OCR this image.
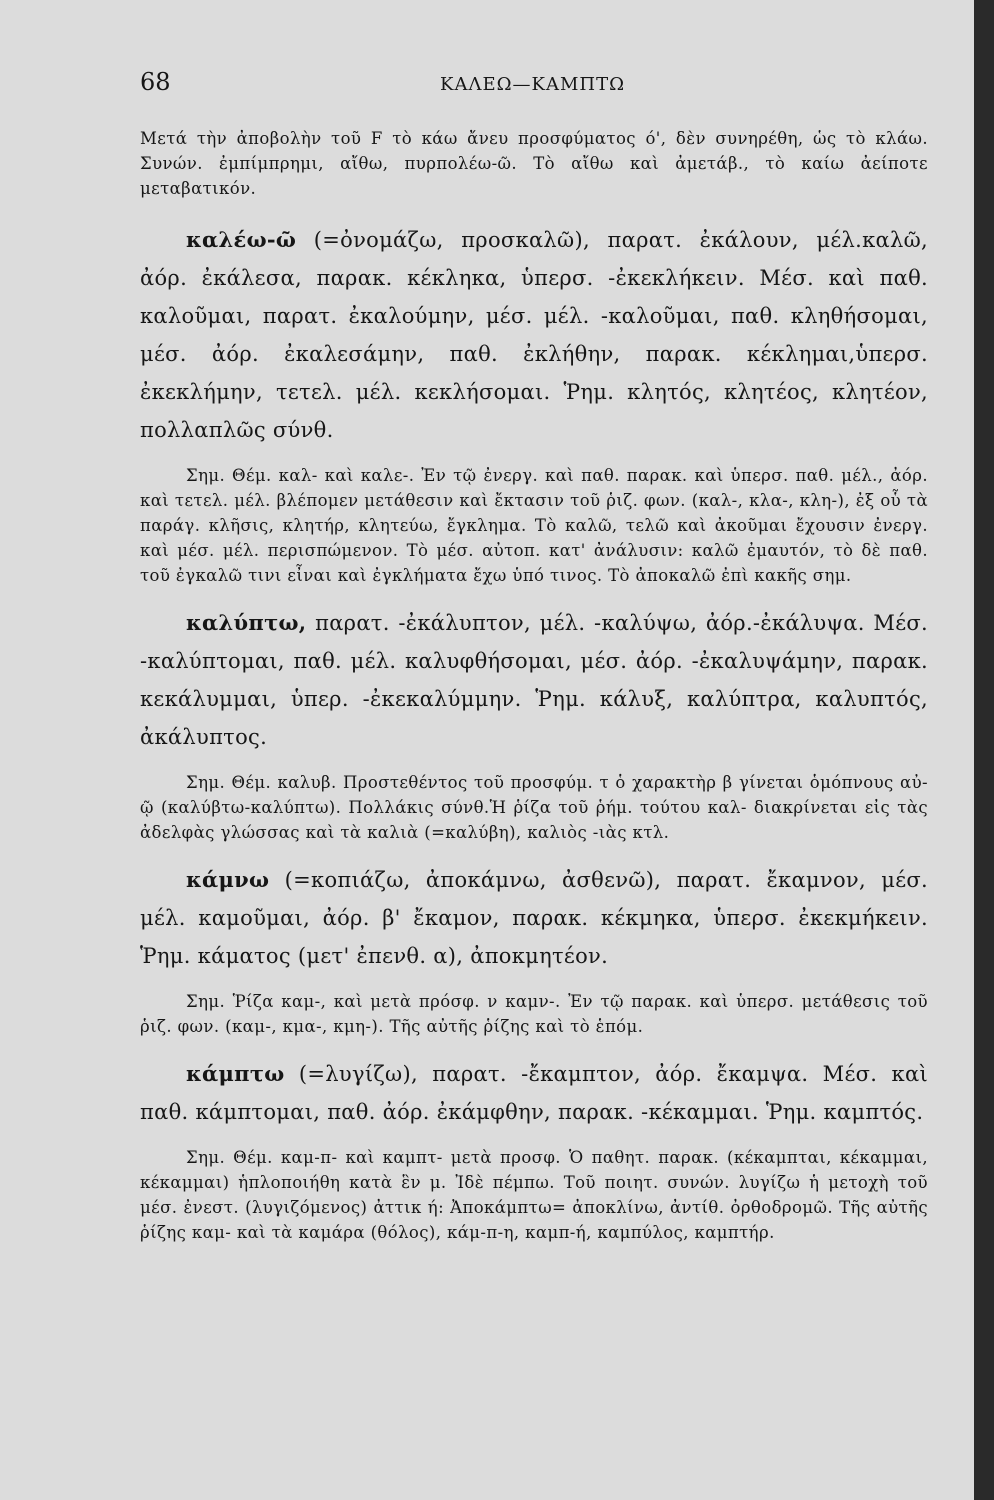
68	ΚΑΛΕΩ—ΚΑΜΠΤΩ

Μετά τὴν ἀποβολὴν τοῦ F τὸ κάω ἄνευ προσφύματος ό', δὲν συνηρέθη, ὡς τὸ κλάω. Συνών. ἐμπίμπρημι, αἴθω, πυρπολέω-ῶ. Τὸ αἴθω καὶ ἀμετάβ., τὸ καίω ἀείποτε μεταβατικόν.

καλέω-ῶ (=ὀνομάζω, προσκαλῶ), παρατ. ἐκάλουν, μέλ.καλῶ, ἀόρ. ἐκάλεσα, παρακ. κέκληκα, ὑπερσ. -ἐκεκλήκειν. Μέσ. καὶ παθ. καλοῦμαι, παρατ. ἐκαλούμην, μέσ. μέλ. -καλοῦμαι, παθ. κληθήσομαι, μέσ. ἀόρ. ἐκαλεσάμην, παθ. ἐκλήθην, παρακ. κέκλημαι,ὑπερσ. ἐκεκλήμην, τετελ. μέλ. κεκλήσομαι. Ῥημ. κλητός, κλητέος, κλητέον, πολλαπλῶς σύνθ.

Σημ. Θέμ. καλ- καὶ καλε-. Ἐν τῷ ἐνεργ. καὶ παθ. παρακ. καὶ ὑπερσ. παθ. μέλ., ἀόρ. καὶ τετελ. μέλ. βλέπομεν μετάθεσιν καὶ ἔκτασιν τοῦ ῥιζ. φων. (καλ-, κλα-, κλη-), ἐξ οὗ τὰ παράγ. κλῆσις, κλητήρ, κλητεύω, ἔγκλημα. Τὸ καλῶ, τελῶ καὶ ἀκοῦμαι ἔχουσιν ἐνεργ. καὶ μέσ. μέλ. περισπώμενον. Τὸ μέσ. αὐτοπ. κατ' ἀνάλυσιν: καλῶ ἐμαυτόν, τὸ δὲ παθ. τοῦ ἐγκαλῶ τινι εἶναι καὶ ἐγκλήματα ἔχω ὑπό τινος. Τὸ ἀποκαλῶ ἐπὶ κακῆς σημ.

καλύπτω, παρατ. -ἐκάλυπτον, μέλ. -καλύψω, ἀόρ.-ἐκάλυψα. Μέσ. -καλύπτομαι, παθ. μέλ. καλυφθήσομαι, μέσ. ἀόρ. -ἐκαλυψάμην, παρακ. κεκάλυμμαι, ὑπερ. -ἐκεκαλύμμην. Ῥημ. κάλυξ, καλύπτρα, καλυπτός, ἀκάλυπτος.

Σημ. Θέμ. καλυβ. Προστεθέντος τοῦ προσφύμ. τ ὁ χαρακτὴρ β γίνεται ὁμόπνους αὐ-ῷ (καλύβτω-καλύπτω). Πολλάκις σύνθ.Ἡ ῥίζα τοῦ ῥήμ. τούτου καλ- διακρίνεται εἰς τὰς ἀδελφὰς γλώσσας καὶ τὰ καλιὰ (=καλύβη), καλιὸς -ιὰς κτλ.

κάμνω (=κοπιάζω, ἀποκάμνω, ἀσθενῶ), παρατ. ἔκαμνον, μέσ. μέλ. καμοῦμαι, ἀόρ. β' ἔκαμον, παρακ. κέκμηκα, ὑπερσ. ἐκεκμήκειν. Ῥημ. κάματος (μετ' ἐπενθ. α), ἀποκμητέον.

Σημ. Ῥίζα καμ-, καὶ μετὰ πρόσφ. ν καμν-. Ἐν τῷ παρακ. καὶ ὑπερσ. μετάθεσις τοῦ ῥιζ. φων. (καμ-, κμα-, κμη-). Τῆς αὐτῆς ῥίζης καὶ τὸ ἑπόμ.

κάμπτω (=λυγίζω), παρατ. -ἔκαμπτον, ἀόρ. ἔκαμψα. Μέσ. καὶ παθ. κάμπτομαι, παθ. ἀόρ. ἐκάμφθην, παρακ. -κέκαμμαι. Ῥημ. καμπτός.

Σημ. Θέμ. καμ-π- καὶ καμπτ- μετὰ προσφ. Ὁ παθητ. παρακ. (κέκαμπται, κέκαμμαι, κέκαμμαι) ἡπλοποιήθη κατὰ ἓν μ. Ἰδὲ πέμπω. Τοῦ ποιητ. συνών. λυγίζω ἡ μετοχὴ τοῦ μέσ. ἐνεστ. (λυγιζόμενος) ἀττικ ή: Ἀποκάμπτω= ἀποκλίνω, ἀντίθ. ὀρθοδρομῶ. Τῆς αὐτῆς ῥίζης καμ- καὶ τὰ καμάρα (θόλος), κάμ-π-η, καμπ-ή, καμπύλος, καμπτήρ.
